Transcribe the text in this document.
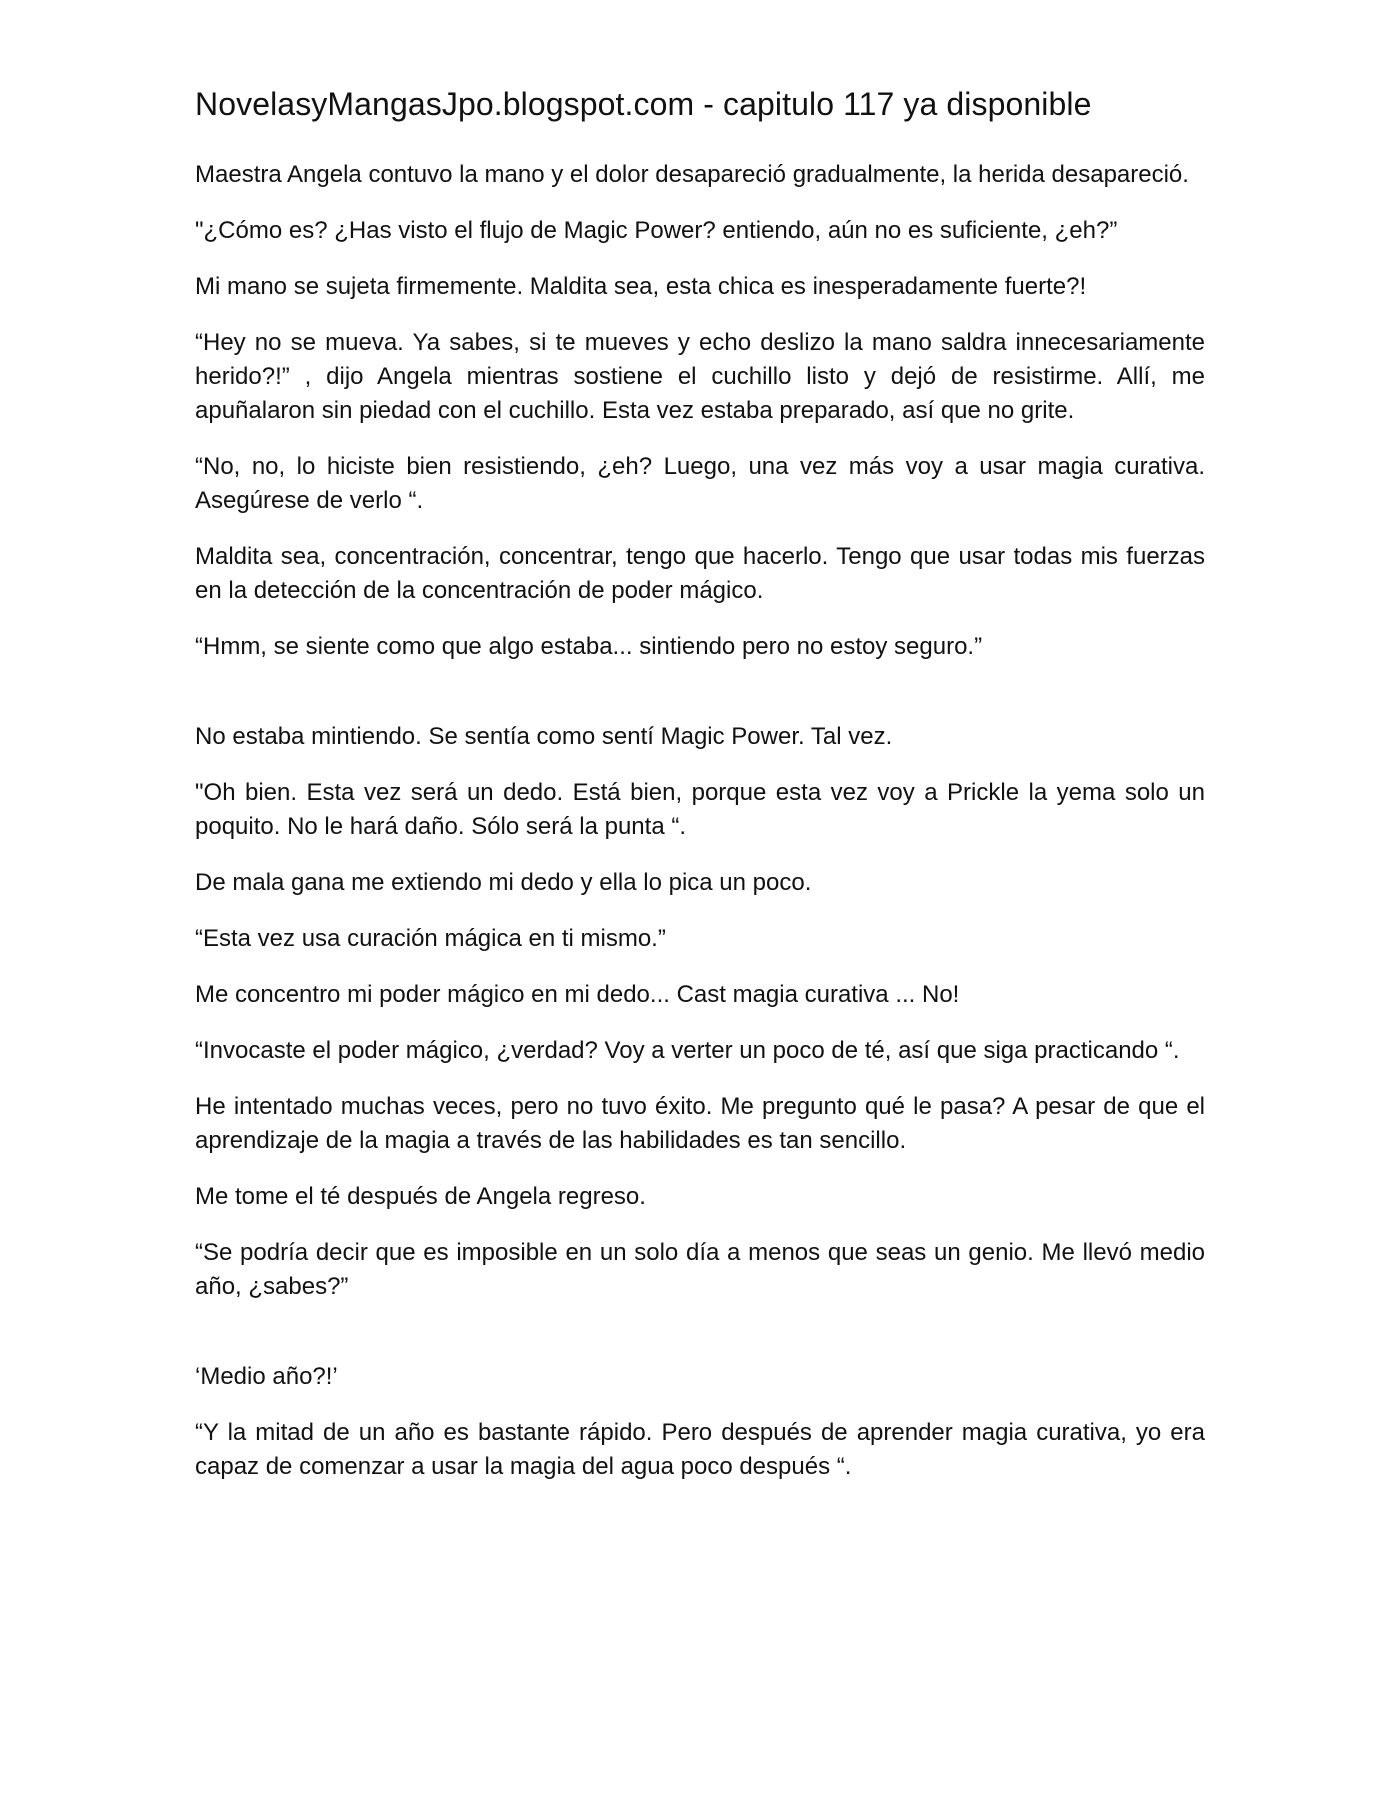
NovelasyMangasJpo.blogspot.com - capitulo 117 ya disponible

Maestra Angela contuvo la mano y el dolor desapareció gradualmente, la herida desapareció.

"¿Cómo es? ¿Has visto el flujo de Magic Power? entiendo, aún no es suficiente, ¿eh?”

Mi mano se sujeta firmemente. Maldita sea, esta chica es inesperadamente fuerte?!

“Hey no se mueva. Ya sabes, si te mueves y echo deslizo la mano saldra innecesariamente herido?!” , dijo Angela mientras sostiene el cuchillo listo y dejó de resistirme. Allí, me apuñalaron sin piedad con el cuchillo. Esta vez estaba preparado, así que no grite.

“No, no, lo hiciste bien resistiendo, ¿eh? Luego, una vez más voy a usar magia curativa. Asegúrese de verlo “.

Maldita sea, concentración, concentrar, tengo que hacerlo. Tengo que usar todas mis fuerzas en la detección de la concentración de poder mágico.

“Hmm, se siente como que algo estaba... sintiendo pero no estoy seguro.”

No estaba mintiendo. Se sentía como sentí Magic Power. Tal vez.

"Oh bien. Esta vez será un dedo. Está bien, porque esta vez voy a Prickle la yema solo un poquito. No le hará daño. Sólo será la punta “.

De mala gana me extiendo mi dedo y ella lo pica un poco.

“Esta vez usa curación mágica en ti mismo.”

Me concentro mi poder mágico en mi dedo... Cast magia curativa ... No!

“Invocaste el poder mágico, ¿verdad? Voy a verter un poco de té, así que siga practicando “.

He intentado muchas veces, pero no tuvo éxito. Me pregunto qué le pasa? A pesar de que el aprendizaje de la magia a través de las habilidades es tan sencillo.

Me tome el té después de Angela regreso.

“Se podría decir que es imposible en un solo día a menos que seas un genio. Me llevó medio año, ¿sabes?”

‘Medio año?!’

“Y la mitad de un año es bastante rápido. Pero después de aprender magia curativa, yo era capaz de comenzar a usar la magia del agua poco después “.
